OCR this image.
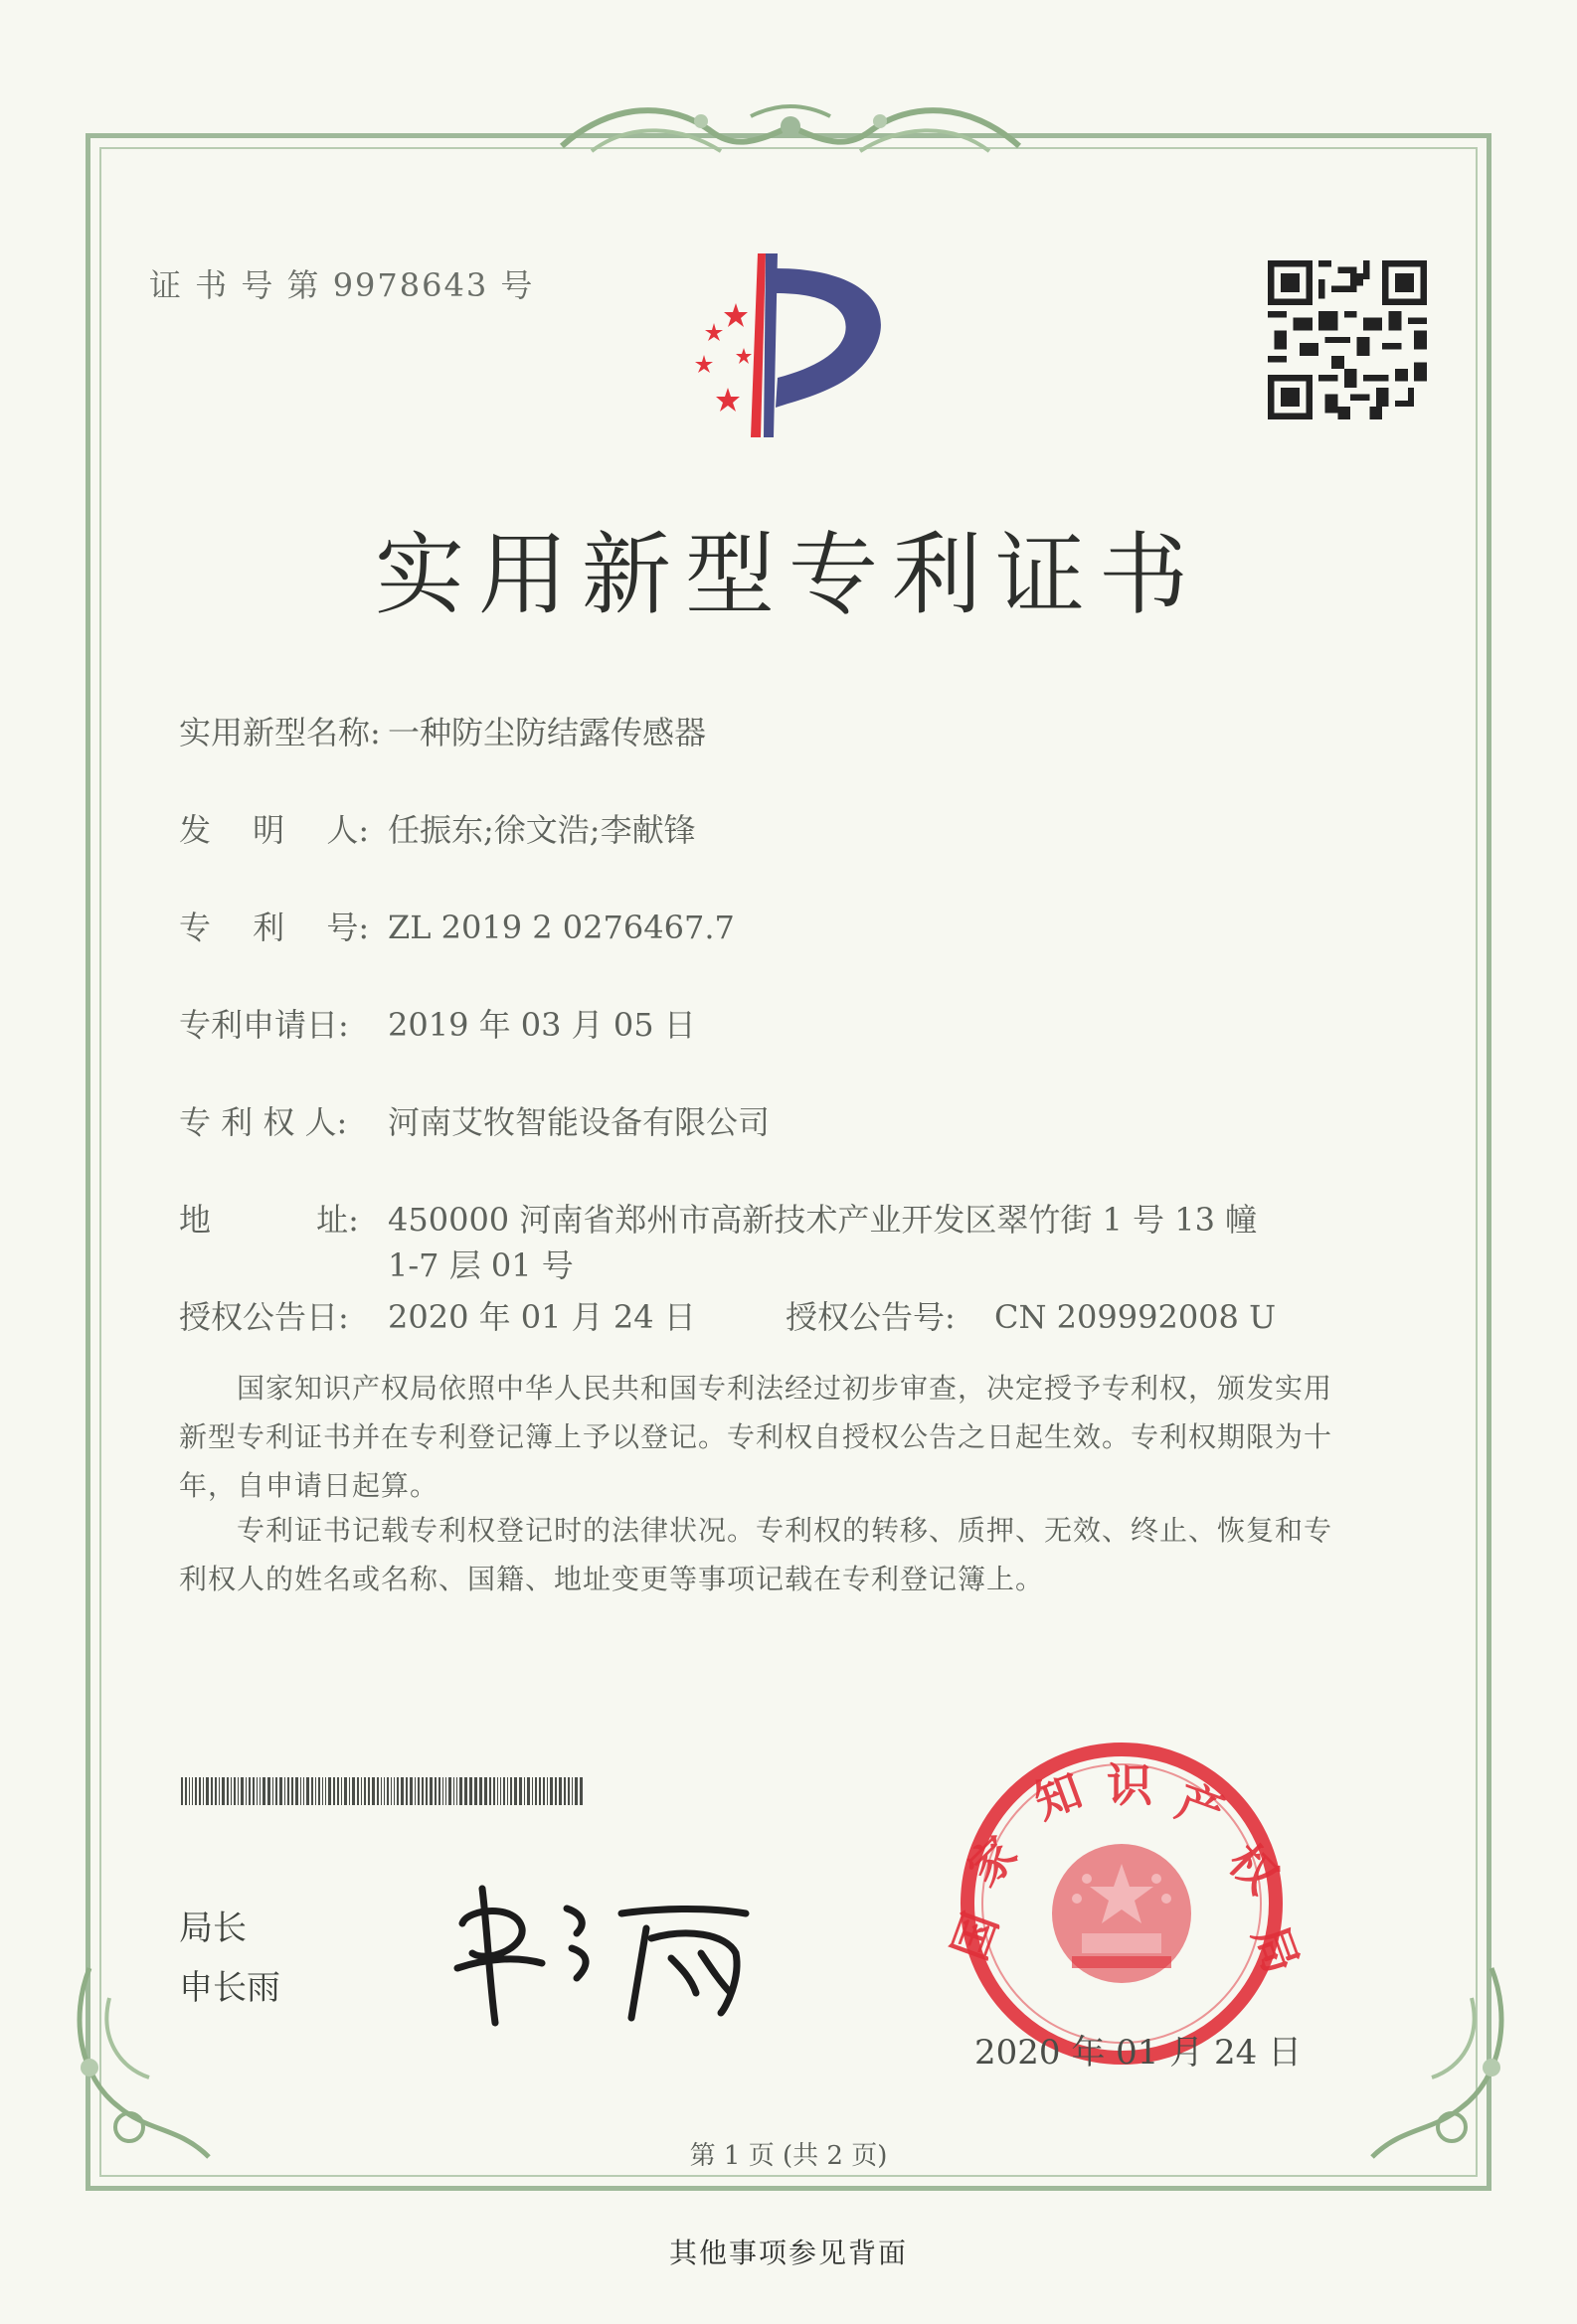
证 书 号 第 9978643 号
实用新型专利证书
实用新型名称: 一种防尘防结露传感器
发　 明　 人: 任振东;徐文浩;李献锋
专　 利　 号: ZL 2019 2 0276467.7
专利申请日: 2019 年 03 月 05 日
专 利 权 人: 河南艾牧智能设备有限公司
地　　　 址: 450000 河南省郑州市高新技术产业开发区翠竹街 1 号 13 幢
1-7 层 01 号
授权公告日: 2020 年 01 月 24 日	授权公告号: CN 209992008 U
　　国家知识产权局依照中华人民共和国专利法经过初步审查，决定授予专利权，颁发实用
新型专利证书并在专利登记簿上予以登记。专利权自授权公告之日起生效。专利权期限为十
年，自申请日起算。
　　专利证书记载专利权登记时的法律状况。专利权的转移、质押、无效、终止、恢复和专
利权人的姓名或名称、国籍、地址变更等事项记载在专利登记簿上。
局长
申长雨
国
家
知 识 产
权
局
2020 年 01 月 24 日
第 1 页 (共 2 页)
其他事项参见背面
